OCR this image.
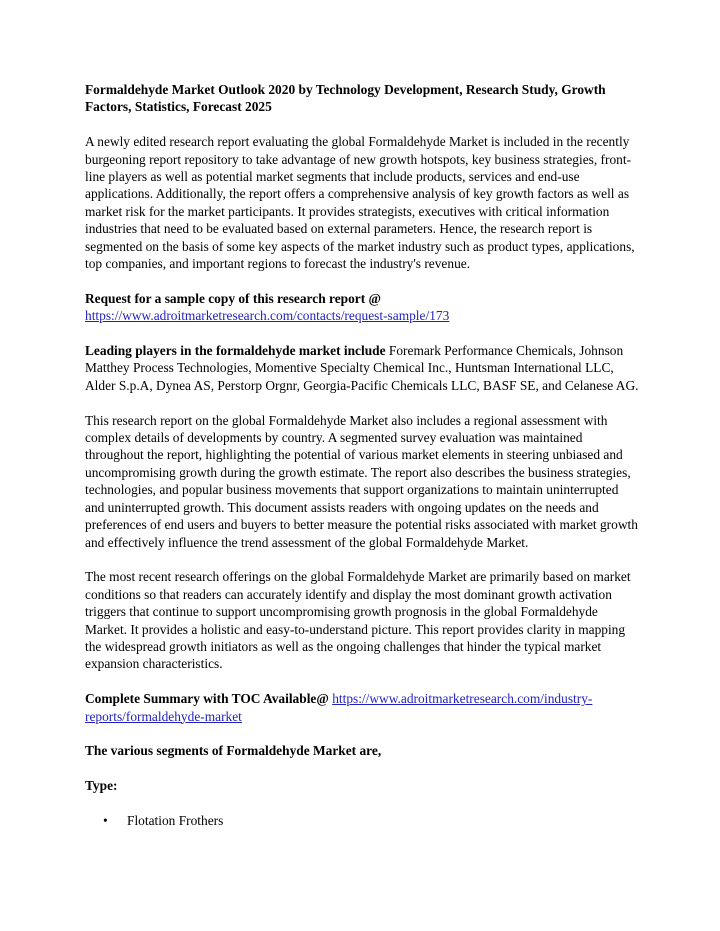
Formaldehyde Market Outlook 2020 by Technology Development, Research Study, Growth Factors, Statistics, Forecast 2025

A newly edited research report evaluating the global Formaldehyde Market is included in the recently burgeoning report repository to take advantage of new growth hotspots, key business strategies, front-line players as well as potential market segments that include products, services and end-use applications. Additionally, the report offers a comprehensive analysis of key growth factors as well as market risk for the market participants. It provides strategists, executives with critical information industries that need to be evaluated based on external parameters. Hence, the research report is segmented on the basis of some key aspects of the market industry such as product types, applications, top companies, and important regions to forecast the industry's revenue.

Request for a sample copy of this research report @
https://www.adroitmarketresearch.com/contacts/request-sample/173

Leading players in the formaldehyde market include Foremark Performance Chemicals, Johnson Matthey Process Technologies, Momentive Specialty Chemical Inc., Huntsman International LLC, Alder S.p.A, Dynea AS, Perstorp Orgnr, Georgia-Pacific Chemicals LLC, BASF SE, and Celanese AG.

This research report on the global Formaldehyde Market also includes a regional assessment with complex details of developments by country. A segmented survey evaluation was maintained throughout the report, highlighting the potential of various market elements in steering unbiased and uncompromising growth during the growth estimate. The report also describes the business strategies, technologies, and popular business movements that support organizations to maintain uninterrupted and uninterrupted growth. This document assists readers with ongoing updates on the needs and preferences of end users and buyers to better measure the potential risks associated with market growth and effectively influence the trend assessment of the global Formaldehyde Market.

The most recent research offerings on the global Formaldehyde Market are primarily based on market conditions so that readers can accurately identify and display the most dominant growth activation triggers that continue to support uncompromising growth prognosis in the global Formaldehyde Market. It provides a holistic and easy-to-understand picture. This report provides clarity in mapping the widespread growth initiators as well as the ongoing challenges that hinder the typical market expansion characteristics.

Complete Summary with TOC Available@ https://www.adroitmarketresearch.com/industry-reports/formaldehyde-market

The various segments of Formaldehyde Market are,

Type:

• Flotation Frothers
